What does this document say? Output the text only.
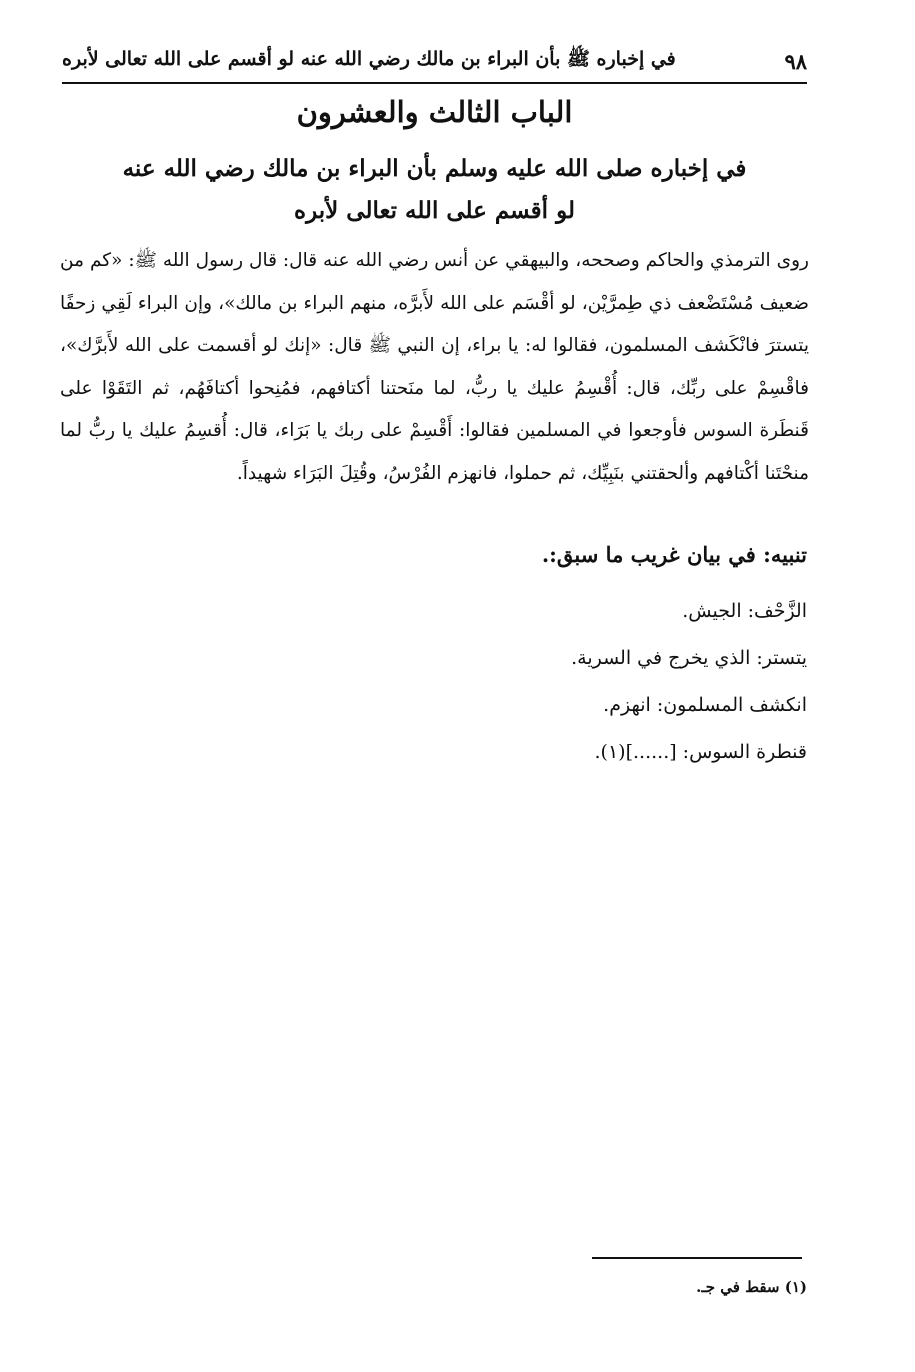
٩٨
في إخباره ﷺ بأن البراء بن مالك رضي الله عنه لو أقسم على الله تعالى لأبره
الباب الثالث والعشرون
في إخباره صلى الله عليه وسلم بأن البراء بن مالك رضي الله عنه
لو أقسم على الله تعالى لأبره

روى الترمذي والحاكم وصححه، والبيهقي عن أنس رضي الله عنه قال: قال رسول الله ﷺ: «كم من ضعيف مُسْتَضْعف ذي طِمرَّيْن، لو أقْسَم على الله لأَبرَّه، منهم البراء بن مالك»، وإن البراء لَقِي زحفًا يتسترَ فانْكَشف المسلمون، فقالوا له: يا براء، إن النبي ﷺ قال: «إنك لو أقسمت على الله لأَبرَّك»، فاقْسِمْ على ربِّك، قال: أُقْسِمُ عليك يا ربُّ، لما منَحتنا أكتافهم، فمُنِحوا أكتافَهُم، ثم التَقَوْا على قَنطَرة السوس فأوجعوا في المسلمين فقالوا: أَقْسِمْ على ربك يا بَرَاء، قال: أُقسِمُ عليك يا ربُّ لما منحْتَنا أكْتافهم وألحقتني بنَبِيِّك، ثم حملوا، فانهزم الفُرْسُ، وقُتِلَ البَرَاء شهيداً.

تنبيه: في بيان غريب ما سبق:.
الزَّحْف: الجيش.
يتستر: الذي يخرج في السرية.
انكشف المسلمون: انهزم.
قنطرة السوس: [......](١).
(١) سقط في جـ.
